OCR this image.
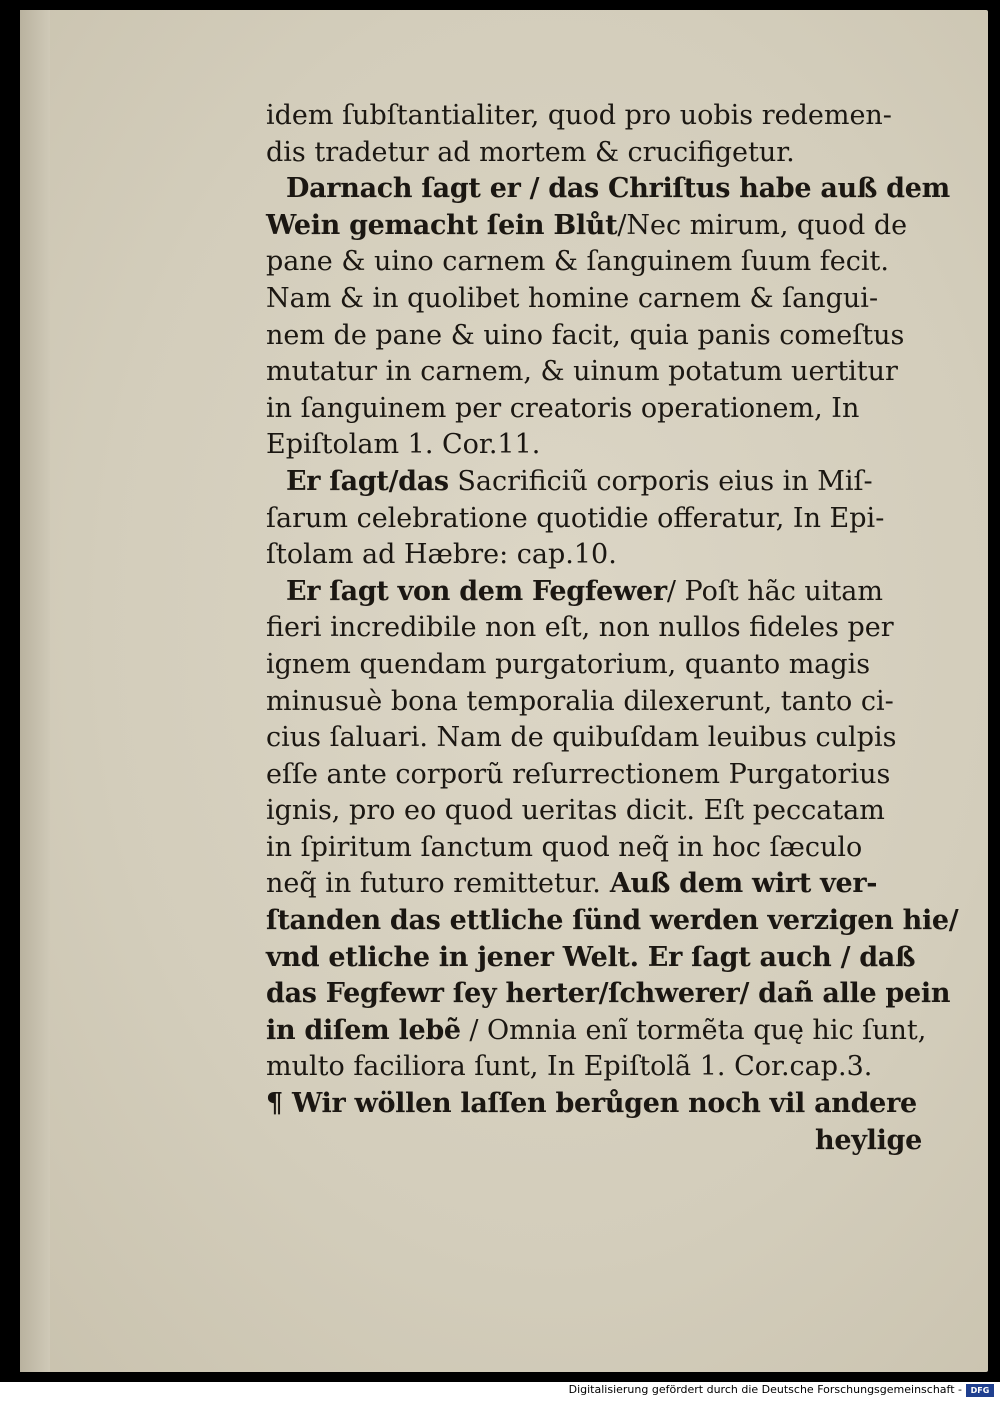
idem ſubſtantialiter, quod pro uobis redemen-
dis tradetur ad mortem & crucifigetur.
Darnach ſagt er / das Chriſtus habe auß dem
Wein gemacht ſein Blůt/Nec mirum, quod de
pane & uino carnem & ſanguinem ſuum fecit.
Nam & in quolibet homine carnem & ſangui-
nem de pane & uino facit, quia panis comeſtus
mutatur in carnem, & uinum potatum uertitur
in ſanguinem per creatoris operationem, In
Epiſtolam 1. Cor.11.
Er ſagt/das Sacrificiũ corporis eius in Miſ-
ſarum celebratione quotidie offeratur, In Epi-
ſtolam ad Hæbre: cap.10.
Er ſagt von dem Fegfewer/ Poſt hãc uitam
fieri incredibile non eſt, non nullos fideles per
ignem quendam purgatorium, quanto magis
minusuè bona temporalia dilexerunt, tanto ci-
cius ſaluari. Nam de quibuſdam leuibus culpis
eſſe ante corporũ reſurrectionem Purgatorius
ignis, pro eo quod ueritas dicit. Eſt peccatam
in ſpiritum ſanctum quod neq̃ in hoc ſæculo
neq̃ in futuro remittetur. Auß dem wirt ver-
ſtanden das ettliche ſünd werden verzigen hie/
vnd etliche in jener Welt. Er ſagt auch / daß
das Fegfewr ſey herter/ſchwerer/ dañ alle pein
in diſem lebẽ / Omnia enĩ tormẽta quę hic ſunt,
multo faciliora ſunt, In Epiſtolã 1. Cor.cap.3.
¶ Wir wöllen laſſen berůgen noch vil andere
heylige
Digitalisierung gefördert durch die Deutsche Forschungsgemeinschaft -	DFG
